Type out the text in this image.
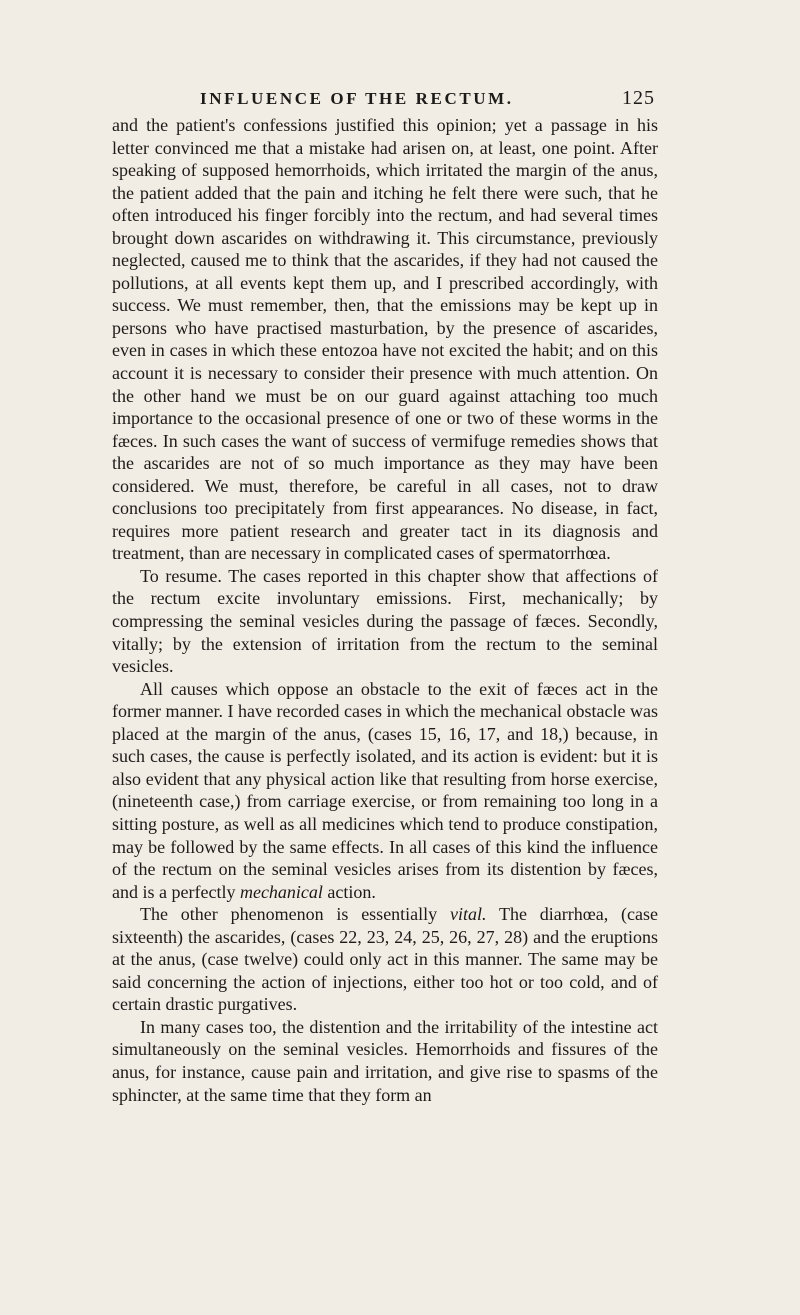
INFLUENCE OF THE RECTUM.	125

and the patient's confessions justified this opinion; yet a passage in his letter convinced me that a mistake had arisen on, at least, one point. After speaking of supposed hemorrhoids, which irritated the margin of the anus, the patient added that the pain and itching he felt there were such, that he often introduced his finger forcibly into the rectum, and had several times brought down ascarides on withdrawing it. This circumstance, previously neglected, caused me to think that the ascarides, if they had not caused the pollutions, at all events kept them up, and I prescribed accordingly, with success. We must remember, then, that the emissions may be kept up in persons who have practised masturbation, by the presence of ascarides, even in cases in which these entozoa have not excited the habit; and on this account it is necessary to consider their presence with much attention. On the other hand we must be on our guard against attaching too much importance to the occasional presence of one or two of these worms in the fæces. In such cases the want of success of vermifuge remedies shows that the ascarides are not of so much importance as they may have been considered. We must, therefore, be careful in all cases, not to draw conclusions too precipitately from first appearances. No disease, in fact, requires more patient research and greater tact in its diagnosis and treatment, than are necessary in complicated cases of spermatorrhœa.

To resume. The cases reported in this chapter show that affections of the rectum excite involuntary emissions. First, mechanically; by compressing the seminal vesicles during the passage of fæces. Secondly, vitally; by the extension of irritation from the rectum to the seminal vesicles.

All causes which oppose an obstacle to the exit of fæces act in the former manner. I have recorded cases in which the mechanical obstacle was placed at the margin of the anus, (cases 15, 16, 17, and 18,) because, in such cases, the cause is perfectly isolated, and its action is evident: but it is also evident that any physical action like that resulting from horse exercise, (nineteenth case,) from carriage exercise, or from remaining too long in a sitting posture, as well as all medicines which tend to produce constipation, may be followed by the same effects. In all cases of this kind the influence of the rectum on the seminal vesicles arises from its distention by fæces, and is a perfectly mechanical action.

The other phenomenon is essentially vital. The diarrhœa, (case sixteenth) the ascarides, (cases 22, 23, 24, 25, 26, 27, 28) and the eruptions at the anus, (case twelve) could only act in this manner. The same may be said concerning the action of injections, either too hot or too cold, and of certain drastic purgatives.

In many cases too, the distention and the irritability of the intestine act simultaneously on the seminal vesicles. Hemorrhoids and fissures of the anus, for instance, cause pain and irritation, and give rise to spasms of the sphincter, at the same time that they form an
